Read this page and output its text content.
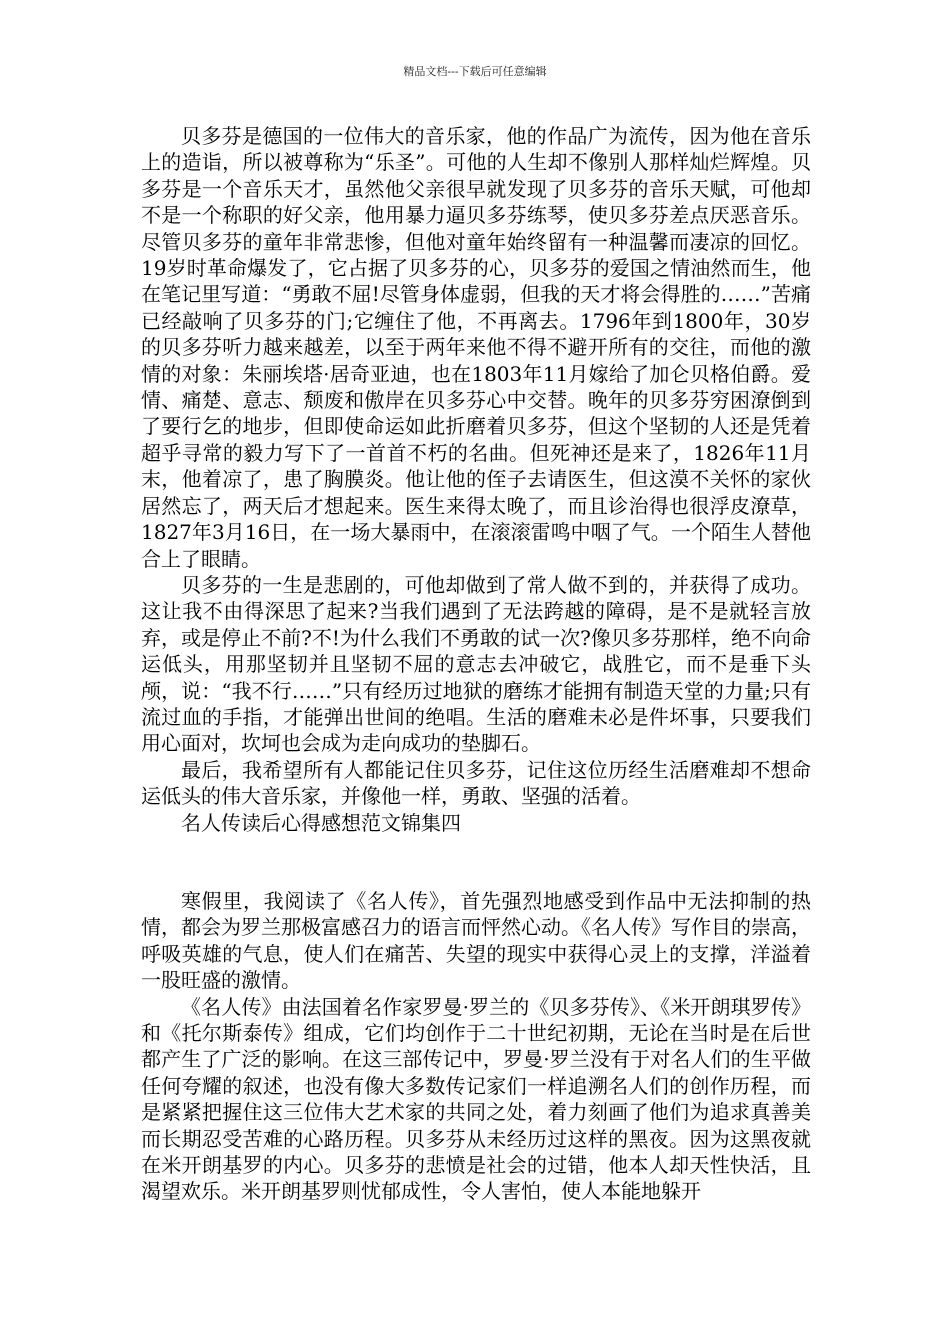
精品文档---下载后可任意编辑

贝多芬是德国的一位伟大的音乐家，他的作品广为流传，因为他在音乐上的造诣，所以被尊称为“乐圣”。可他的人生却不像别人那样灿烂辉煌。贝多芬是一个音乐天才，虽然他父亲很早就发现了贝多芬的音乐天赋，可他却不是一个称职的好父亲，他用暴力逼贝多芬练琴，使贝多芬差点厌恶音乐。尽管贝多芬的童年非常悲惨，但他对童年始终留有一种温馨而凄凉的回忆。19岁时革命爆发了，它占据了贝多芬的心，贝多芬的爱国之情油然而生，他在笔记里写道：“勇敢不屈!尽管身体虚弱，但我的天才将会得胜的……”苦痛已经敲响了贝多芬的门;它缠住了他，不再离去。1796年到1800年，30岁的贝多芬听力越来越差，以至于两年来他不得不避开所有的交往，而他的激情的对象：朱丽埃塔·居奇亚迪，也在1803年11月嫁给了加仑贝格伯爵。爱情、痛楚、意志、颓废和傲岸在贝多芬心中交替。晚年的贝多芬穷困潦倒到了要行乞的地步，但即使命运如此折磨着贝多芬，但这个坚韧的人还是凭着超乎寻常的毅力写下了一首首不朽的名曲。但死神还是来了，1826年11月末，他着凉了，患了胸膜炎。他让他的侄子去请医生，但这漠不关怀的家伙居然忘了，两天后才想起来。医生来得太晚了，而且诊治得也很浮皮潦草，1827年3月16日，在一场大暴雨中，在滚滚雷鸣中咽了气。一个陌生人替他合上了眼睛。

贝多芬的一生是悲剧的，可他却做到了常人做不到的，并获得了成功。这让我不由得深思了起来?当我们遇到了无法跨越的障碍，是不是就轻言放弃，或是停止不前?不!为什么我们不勇敢的试一次?像贝多芬那样，绝不向命运低头，用那坚韧并且坚韧不屈的意志去冲破它，战胜它，而不是垂下头颅，说：“我不行……”只有经历过地狱的磨练才能拥有制造天堂的力量;只有流过血的手指，才能弹出世间的绝唱。生活的磨难未必是件坏事，只要我们用心面对，坎坷也会成为走向成功的垫脚石。

最后，我希望所有人都能记住贝多芬，记住这位历经生活磨难却不想命运低头的伟大音乐家，并像他一样，勇敢、坚强的活着。

名人传读后心得感想范文锦集四

寒假里，我阅读了《名人传》，首先强烈地感受到作品中无法抑制的热情，都会为罗兰那极富感召力的语言而怦然心动。《名人传》写作目的崇高，呼吸英雄的气息，使人们在痛苦、失望的现实中获得心灵上的支撑，洋溢着一股旺盛的激情。

《名人传》由法国着名作家罗曼·罗兰的《贝多芬传》、《米开朗琪罗传》和《托尔斯泰传》组成，它们均创作于二十世纪初期，无论在当时是在后世都产生了广泛的影响。在这三部传记中，罗曼·罗兰没有于对名人们的生平做任何夸耀的叙述，也没有像大多数传记家们一样追溯名人们的创作历程，而是紧紧把握住这三位伟大艺术家的共同之处，着力刻画了他们为追求真善美而长期忍受苦难的心路历程。贝多芬从未经历过这样的黑夜。因为这黑夜就在米开朗基罗的内心。贝多芬的悲愤是社会的过错，他本人却天性快活，且渴望欢乐。米开朗基罗则忧郁成性，令人害怕，使人本能地躲开
